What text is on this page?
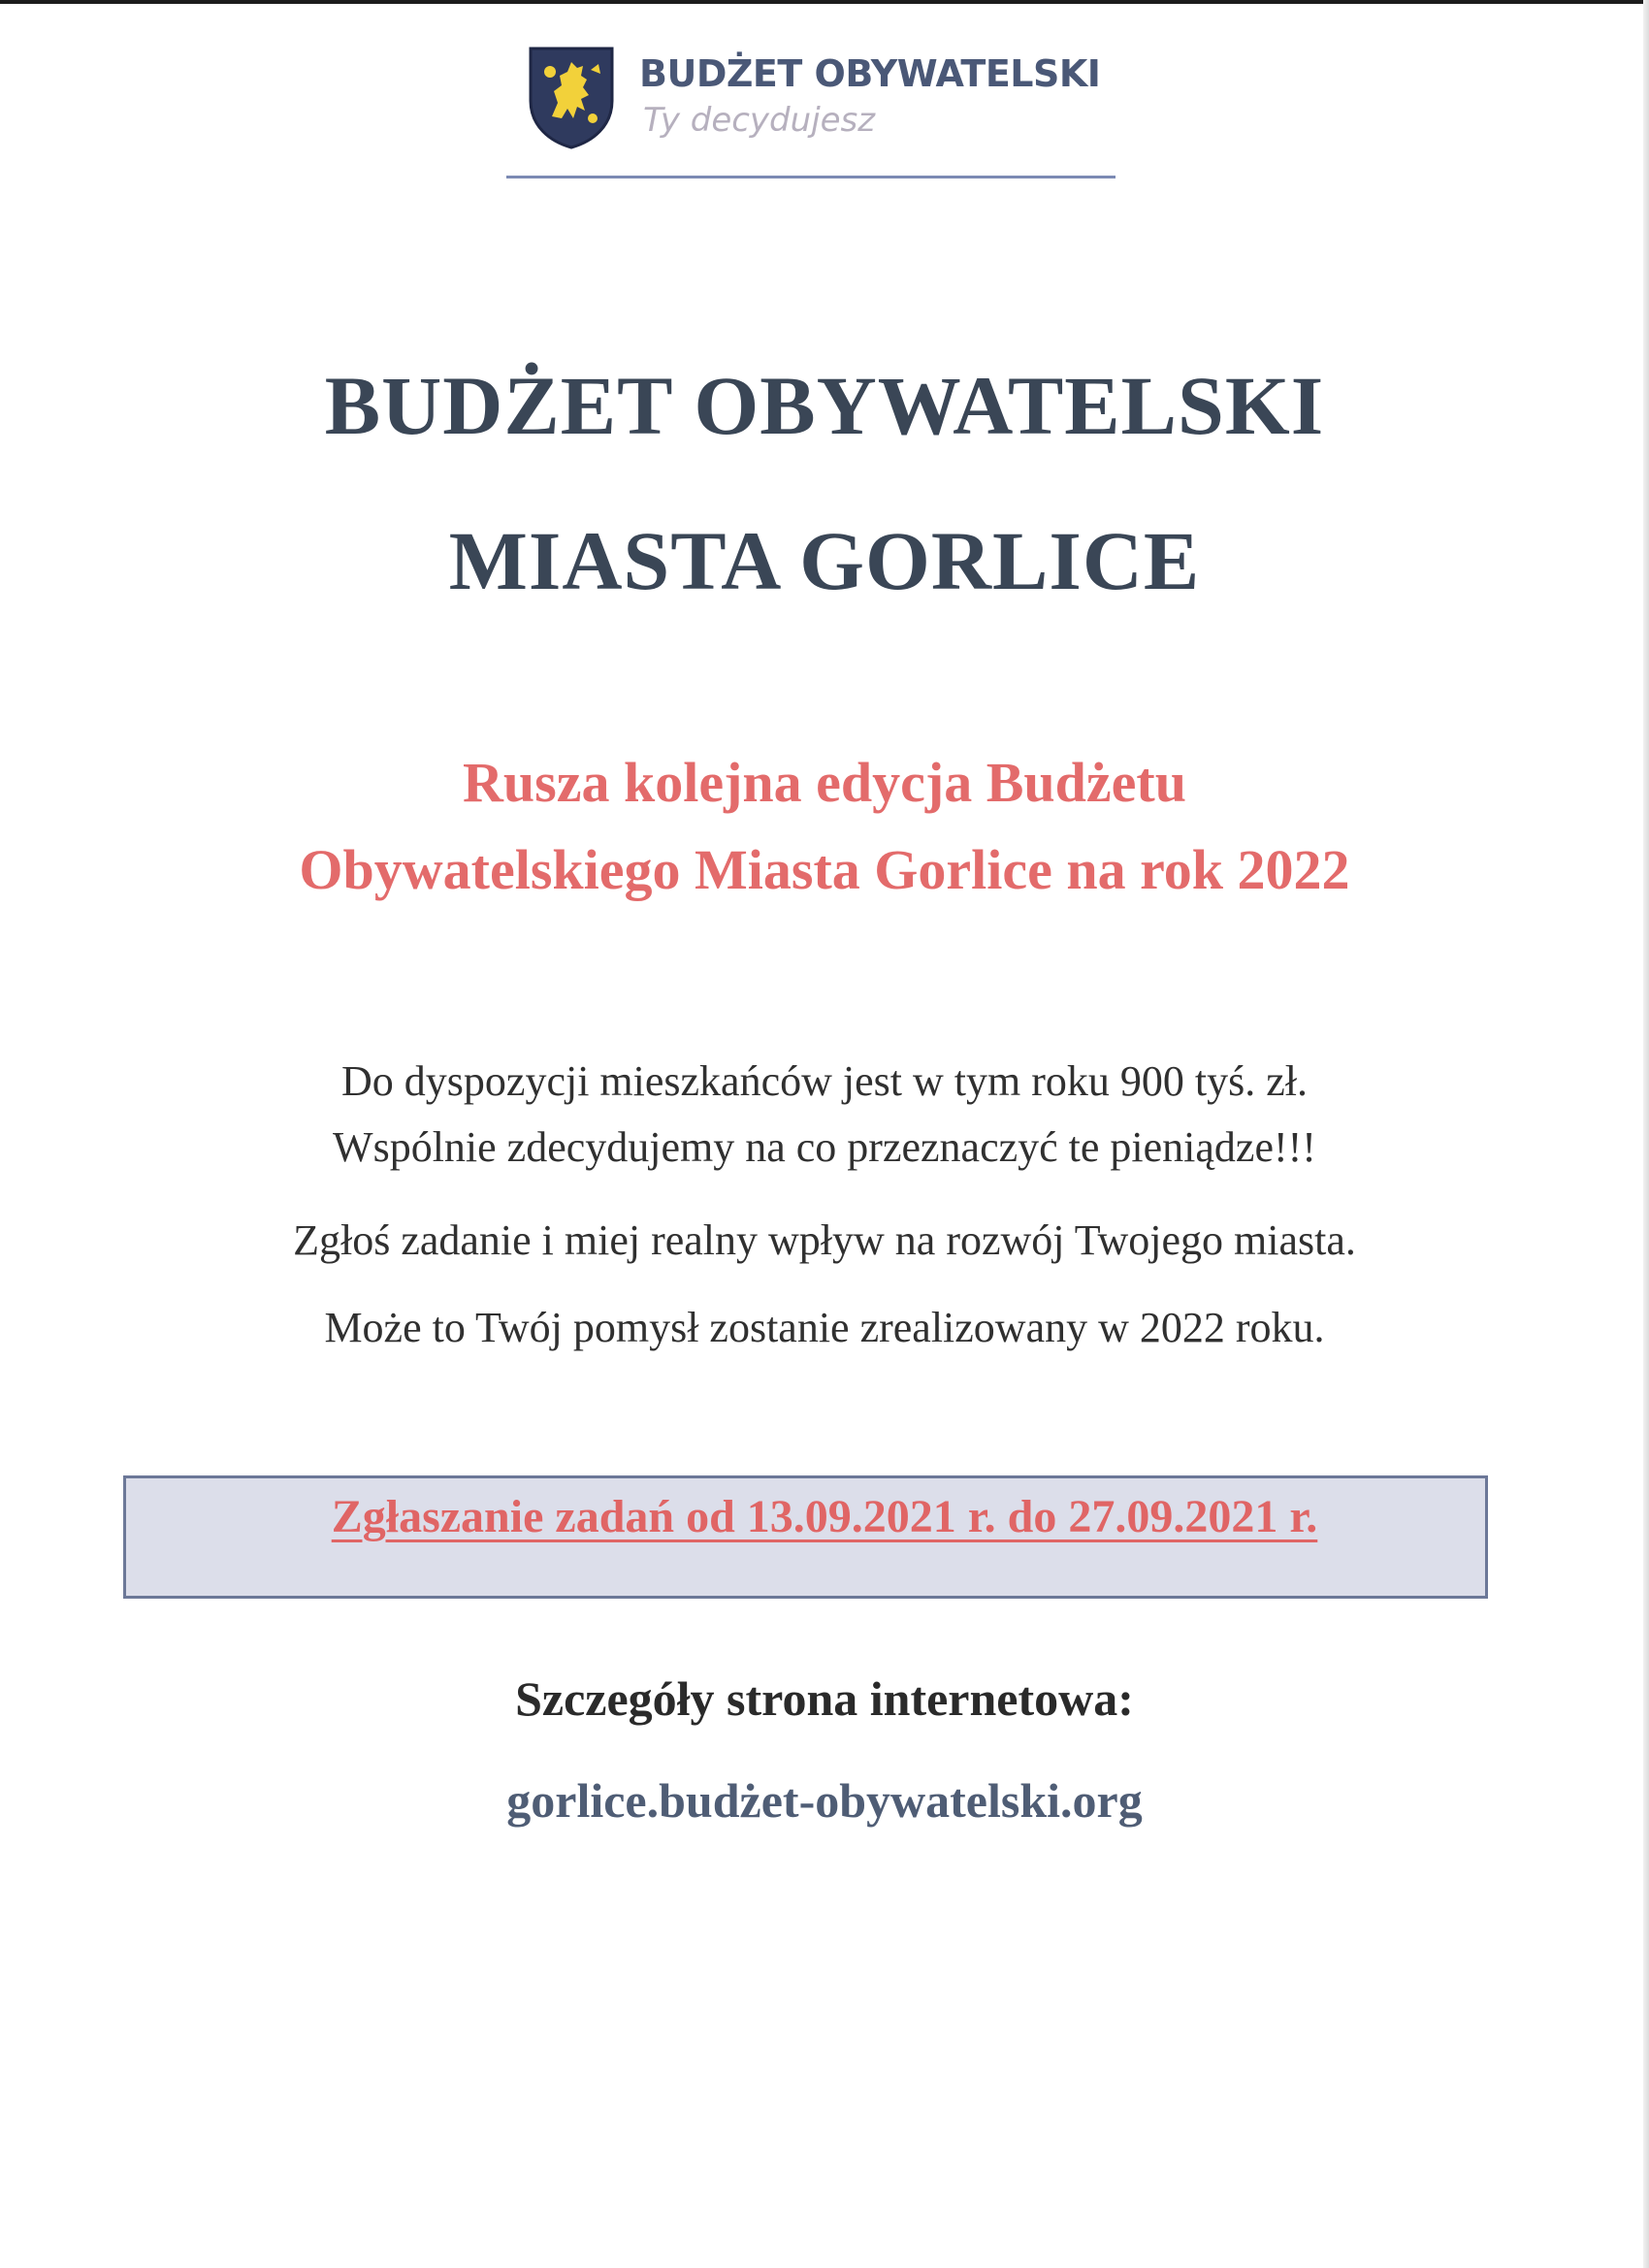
BUDŻET OBYWATELSKI
Ty decydujesz
BUDŻET OBYWATELSKI
MIASTA GORLICE
Rusza kolejna edycja Budżetu
Obywatelskiego Miasta Gorlice na rok 2022
Do dyspozycji mieszkańców jest w tym roku 900 tyś. zł.
Wspólnie zdecydujemy na co przeznaczyć te pieniądze!!!
Zgłoś zadanie i miej realny wpływ na rozwój Twojego miasta.
Może to Twój pomysł zostanie zrealizowany w 2022 roku.
Zgłaszanie zadań od 13.09.2021 r. do 27.09.2021 r.
Szczegóły strona internetowa:
gorlice.budżet-obywatelski.org
